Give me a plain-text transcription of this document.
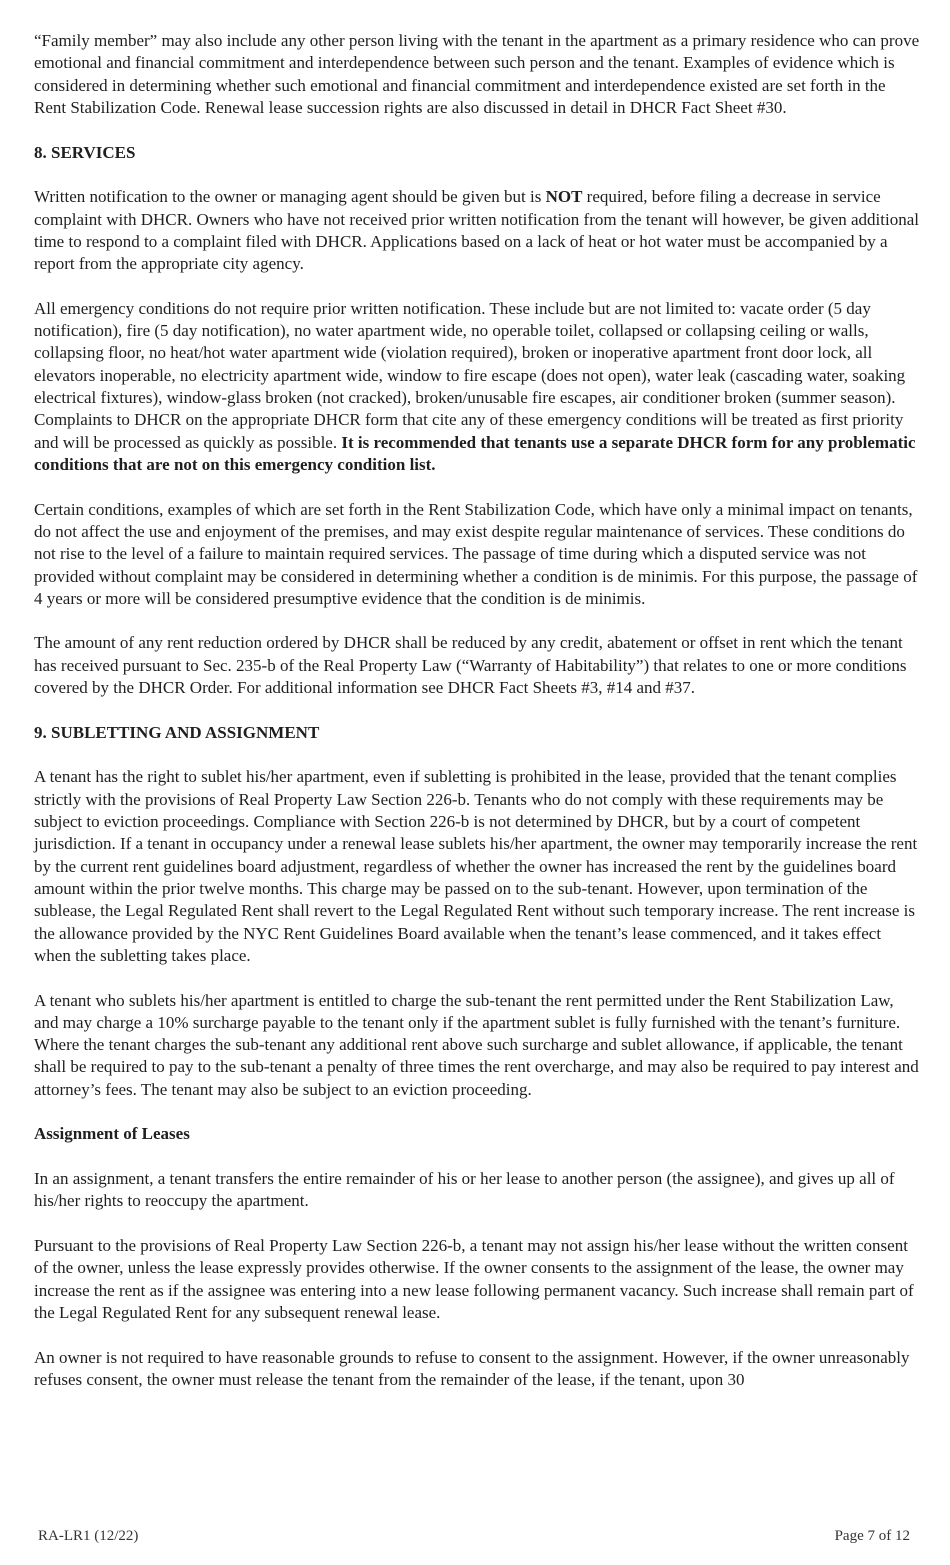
“Family member” may also include any other person living with the tenant in the apartment as a primary residence who can prove emotional and financial commitment and interdependence between such person and the tenant. Examples of evidence which is considered in determining whether such emotional and financial commitment and interdependence existed are set forth in the Rent Stabilization Code. Renewal lease succession rights are also discussed in detail in DHCR Fact Sheet #30.

8. SERVICES

Written notification to the owner or managing agent should be given but is NOT required, before filing a decrease in service complaint with DHCR. Owners who have not received prior written notification from the tenant will however, be given additional time to respond to a complaint filed with DHCR. Applications based on a lack of heat or hot water must be accompanied by a report from the appropriate city agency.

All emergency conditions do not require prior written notification. These include but are not limited to: vacate order (5 day notification), fire (5 day notification), no water apartment wide, no operable toilet, collapsed or collapsing ceiling or walls, collapsing floor, no heat/hot water apartment wide (violation required), broken or inoperative apartment front door lock, all elevators inoperable, no electricity apartment wide, window to fire escape (does not open), water leak (cascading water, soaking electrical fixtures), window-glass broken (not cracked), broken/unusable fire escapes, air conditioner broken (summer season). Complaints to DHCR on the appropriate DHCR form that cite any of these emergency conditions will be treated as first priority and will be processed as quickly as possible. It is recommended that tenants use a separate DHCR form for any problematic conditions that are not on this emergency condition list.

Certain conditions, examples of which are set forth in the Rent Stabilization Code, which have only a minimal impact on tenants, do not affect the use and enjoyment of the premises, and may exist despite regular maintenance of services. These conditions do not rise to the level of a failure to maintain required services. The passage of time during which a disputed service was not provided without complaint may be considered in determining whether a condition is de minimis. For this purpose, the passage of 4 years or more will be considered presumptive evidence that the condition is de minimis.

The amount of any rent reduction ordered by DHCR shall be reduced by any credit, abatement or offset in rent which the tenant has received pursuant to Sec. 235-b of the Real Property Law (“Warranty of Habitability”) that relates to one or more conditions covered by the DHCR Order. For additional information see DHCR Fact Sheets #3, #14 and #37.

9. SUBLETTING AND ASSIGNMENT

A tenant has the right to sublet his/her apartment, even if subletting is prohibited in the lease, provided that the tenant complies strictly with the provisions of Real Property Law Section 226-b. Tenants who do not comply with these requirements may be subject to eviction proceedings. Compliance with Section 226-b is not determined by DHCR, but by a court of competent jurisdiction. If a tenant in occupancy under a renewal lease sublets his/her apartment, the owner may temporarily increase the rent by the current rent guidelines board adjustment, regardless of whether the owner has increased the rent by the guidelines board amount within the prior twelve months. This charge may be passed on to the sub-tenant. However, upon termination of the sublease, the Legal Regulated Rent shall revert to the Legal Regulated Rent without such temporary increase. The rent increase is the allowance provided by the NYC Rent Guidelines Board available when the tenant’s lease commenced, and it takes effect when the subletting takes place.

A tenant who sublets his/her apartment is entitled to charge the sub-tenant the rent permitted under the Rent Stabilization Law, and may charge a 10% surcharge payable to the tenant only if the apartment sublet is fully furnished with the tenant’s furniture. Where the tenant charges the sub-tenant any additional rent above such surcharge and sublet allowance, if applicable, the tenant shall be required to pay to the sub-tenant a penalty of three times the rent overcharge, and may also be required to pay interest and attorney’s fees. The tenant may also be subject to an eviction proceeding.

Assignment of Leases

In an assignment, a tenant transfers the entire remainder of his or her lease to another person (the assignee), and gives up all of his/her rights to reoccupy the apartment.

Pursuant to the provisions of Real Property Law Section 226-b, a tenant may not assign his/her lease without the written consent of the owner, unless the lease expressly provides otherwise. If the owner consents to the assignment of the lease, the owner may increase the rent as if the assignee was entering into a new lease following permanent vacancy. Such increase shall remain part of the Legal Regulated Rent for any subsequent renewal lease.

An owner is not required to have reasonable grounds to refuse to consent to the assignment. However, if the owner unreasonably refuses consent, the owner must release the tenant from the remainder of the lease, if the tenant, upon 30

RA-LR1 (12/22)	Page 7 of 12
